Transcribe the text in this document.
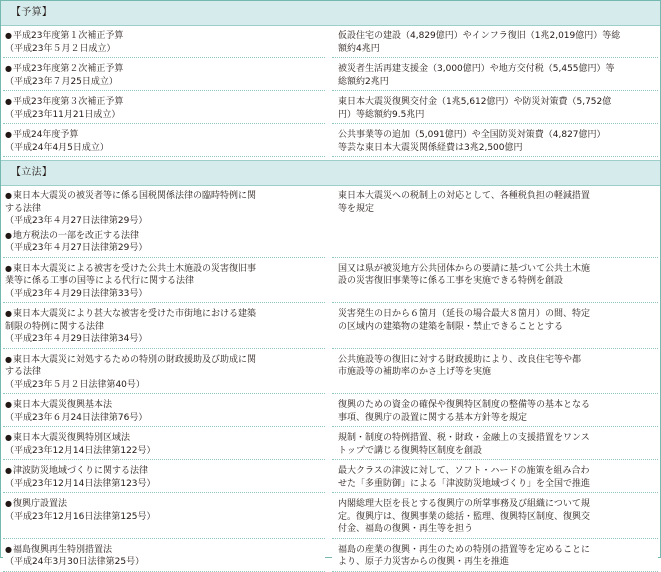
【予算】
●平成23年度第１次補正予算
（平成23年５月２日成立）
仮設住宅の建設（4,829億円）やインフラ復旧（1兆2,019億円）等総
額約4兆円
●平成23年度第２次補正予算
（平成23年７月25日成立）
被災者生活再建支援金（3,000億円）や地方交付税（5,455億円）等
総額約2兆円
●平成23年度第３次補正予算
（平成23年11月21日成立）
東日本大震災復興交付金（1兆5,612億円）や防災対策費（5,752億
円）等総額約9.5兆円
●平成24年度予算
（平成24年4月5日成立）
公共事業等の追加（5,091億円）や全国防災対策費（4,827億円）
等芸な東日本大震災関係経費は3兆2,500億円
【立法】
●東日本大震災の被災者等に係る国税関係法律の臨時特例に関
する法律
（平成23年４月27日法律第29号）
●地方税法の一部を改正する法律
（平成23年４月27日法律第29号）
東日本大震災への税制上の対応として、各種税負担の軽減措置
等を規定
●東日本大震災による被害を受けた公共土木施設の災害復旧事
業等に係る工事の国等による代行に関する法律
（平成23年４月29日法律第33号）
国又は県が被災地方公共団体からの要請に基づいて公共土木施
設の災害復旧事業等に係る工事を実施できる特例を創設
●東日本大震災により甚大な被害を受けた市街地における建築
制限の特例に関する法律
（平成23年４月29日法律第34号）
災害発生の日から６箇月（延長の場合最大８箇月）の間、特定
の区域内の建築物の建築を制限・禁止できることとする
●東日本大震災に対処するための特別の財政援助及び助成に関
する法律
（平成23年５月２日法律第40号）
公共施設等の復旧に対する財政援助により、改良住宅等や都
市施設等の補助率のかさ上げ等を実施
●東日本大震災復興基本法
（平成23年６月24日法律第76号）
復興のための資金の確保や復興特区制度の整備等の基本となる
事項、復興庁の設置に関する基本方針等を規定
●東日本大震災復興特別区域法
（平成23年12月14日法律第122号）
規制・制度の特例措置、税・財政・金融上の支援措置をワンス
トップで講じる復興特区制度を創設
●津波防災地域づくりに関する法律
（平成23年12月14日法律第123号）
最大クラスの津波に対して、ソフト・ハードの施策を組み合わ
せた「多重防御」による「津波防災地域づくり」を全国で推進
●復興庁設置法
（平成23年12月16日法律第125号）
内閣総理大臣を長とする復興庁の所掌事務及び組織について規
定。復興庁は、復興事業の総括・監理、復興特区制度、復興交
付金、福島の復興・再生等を担う
●福島復興再生特別措置法
（平成24年3月30日法律第25号）
福島の産業の復興・再生のための特別の措置等を定めることに
より、原子力災害からの復興・再生を推進
